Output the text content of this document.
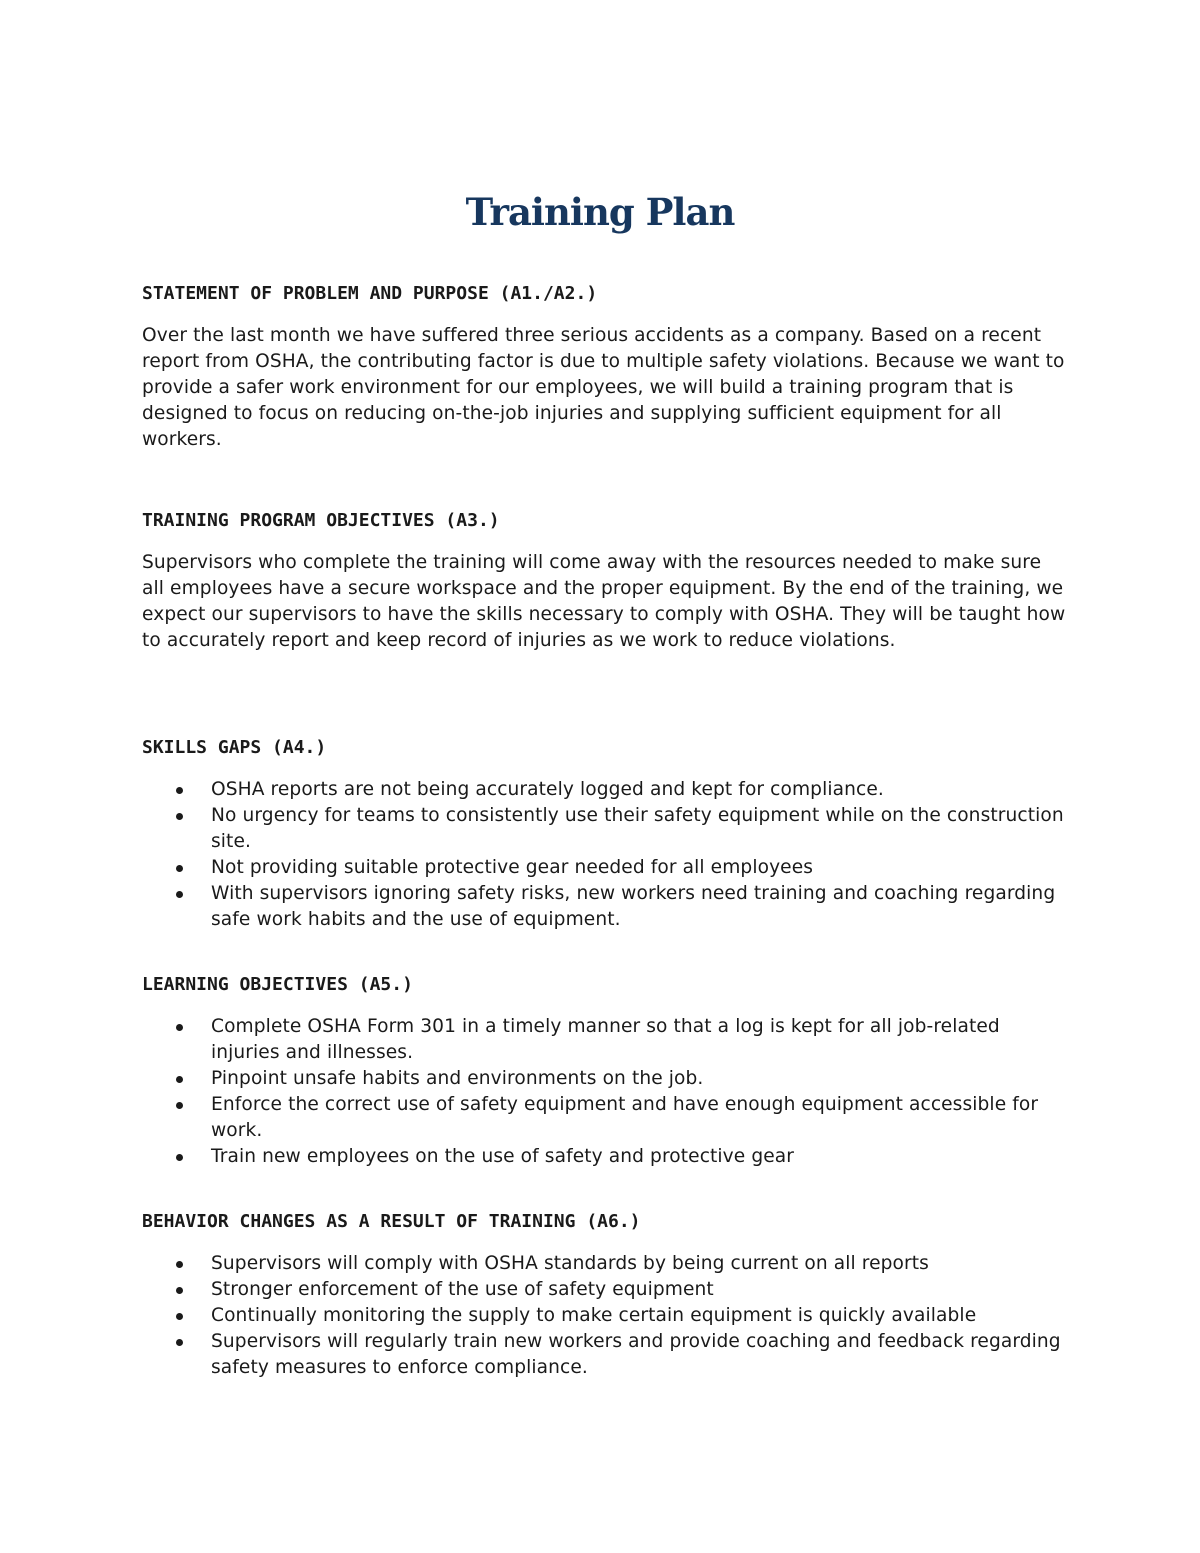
Training Plan
STATEMENT OF PROBLEM AND PURPOSE (A1./A2.)

Over the last month we have suffered three serious accidents as a company. Based on a recent report from OSHA, the contributing factor is due to multiple safety violations. Because we want to provide a safer work environment for our employees, we will build a training program that is designed to focus on reducing on-the-job injuries and supplying sufficient equipment for all workers.

TRAINING PROGRAM OBJECTIVES (A3.)

Supervisors who complete the training will come away with the resources needed to make sure all employees have a secure workspace and the proper equipment. By the end of the training, we expect our supervisors to have the skills necessary to comply with OSHA. They will be taught how to accurately report and keep record of injuries as we work to reduce violations.

SKILLS GAPS (A4.)
OSHA reports are not being accurately logged and kept for compliance.
No urgency for teams to consistently use their safety equipment while on the construction site.
Not providing suitable protective gear needed for all employees
With supervisors ignoring safety risks, new workers need training and coaching regarding safe work habits and the use of equipment.
LEARNING OBJECTIVES (A5.)
Complete OSHA Form 301 in a timely manner so that a log is kept for all job-related injuries and illnesses.
Pinpoint unsafe habits and environments on the job.
Enforce the correct use of safety equipment and have enough equipment accessible for work.
Train new employees on the use of safety and protective gear
BEHAVIOR CHANGES AS A RESULT OF TRAINING (A6.)
Supervisors will comply with OSHA standards by being current on all reports
Stronger enforcement of the use of safety equipment
Continually monitoring the supply to make certain equipment is quickly available
Supervisors will regularly train new workers and provide coaching and feedback regarding safety measures to enforce compliance.
